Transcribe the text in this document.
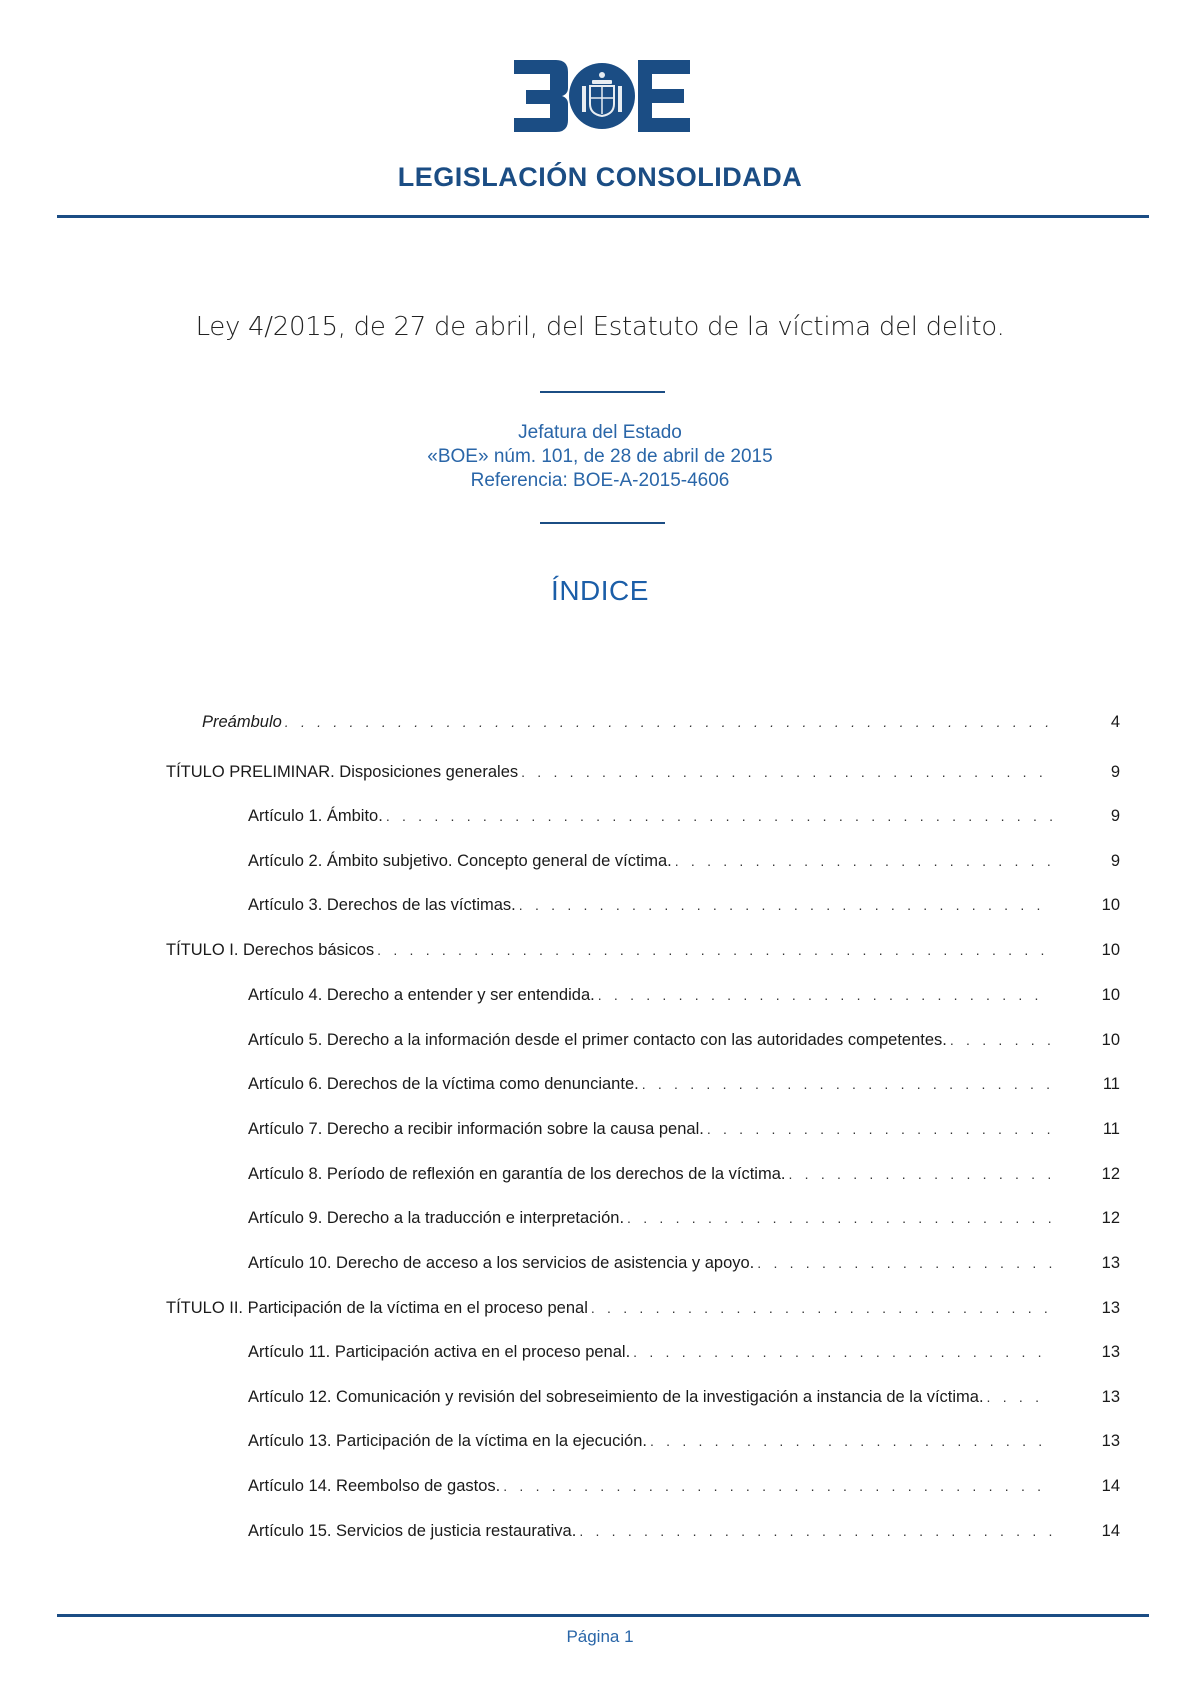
LEGISLACIÓN CONSOLIDADA
Ley 4/2015, de 27 de abril, del Estatuto de la víctima del delito.
Jefatura del Estado
«BOE» núm. 101, de 28 de abril de 2015
Referencia: BOE-A-2015-4606
ÍNDICE
Preámbulo . . .	4
TÍTULO PRELIMINAR. Disposiciones generales . . .	9
Artículo 1. Ámbito. . . .	9
Artículo 2. Ámbito subjetivo. Concepto general de víctima. . . .	9
Artículo 3. Derechos de las víctimas. . . .	10
TÍTULO I. Derechos básicos . . .	10
Artículo 4. Derecho a entender y ser entendida. . . .	10
Artículo 5. Derecho a la información desde el primer contacto con las autoridades competentes. . . .	10
Artículo 6. Derechos de la víctima como denunciante. . . .	11
Artículo 7. Derecho a recibir información sobre la causa penal. . . .	11
Artículo 8. Período de reflexión en garantía de los derechos de la víctima. . . .	12
Artículo 9. Derecho a la traducción e interpretación. . . .	12
Artículo 10. Derecho de acceso a los servicios de asistencia y apoyo. . . .	13
TÍTULO II. Participación de la víctima en el proceso penal . . .	13
Artículo 11. Participación activa en el proceso penal. . . .	13
Artículo 12. Comunicación y revisión del sobreseimiento de la investigación a instancia de la víctima. . . .	13
Artículo 13. Participación de la víctima en la ejecución. . . .	13
Artículo 14. Reembolso de gastos. . . .	14
Artículo 15. Servicios de justicia restaurativa. . . .	14
Página 1
